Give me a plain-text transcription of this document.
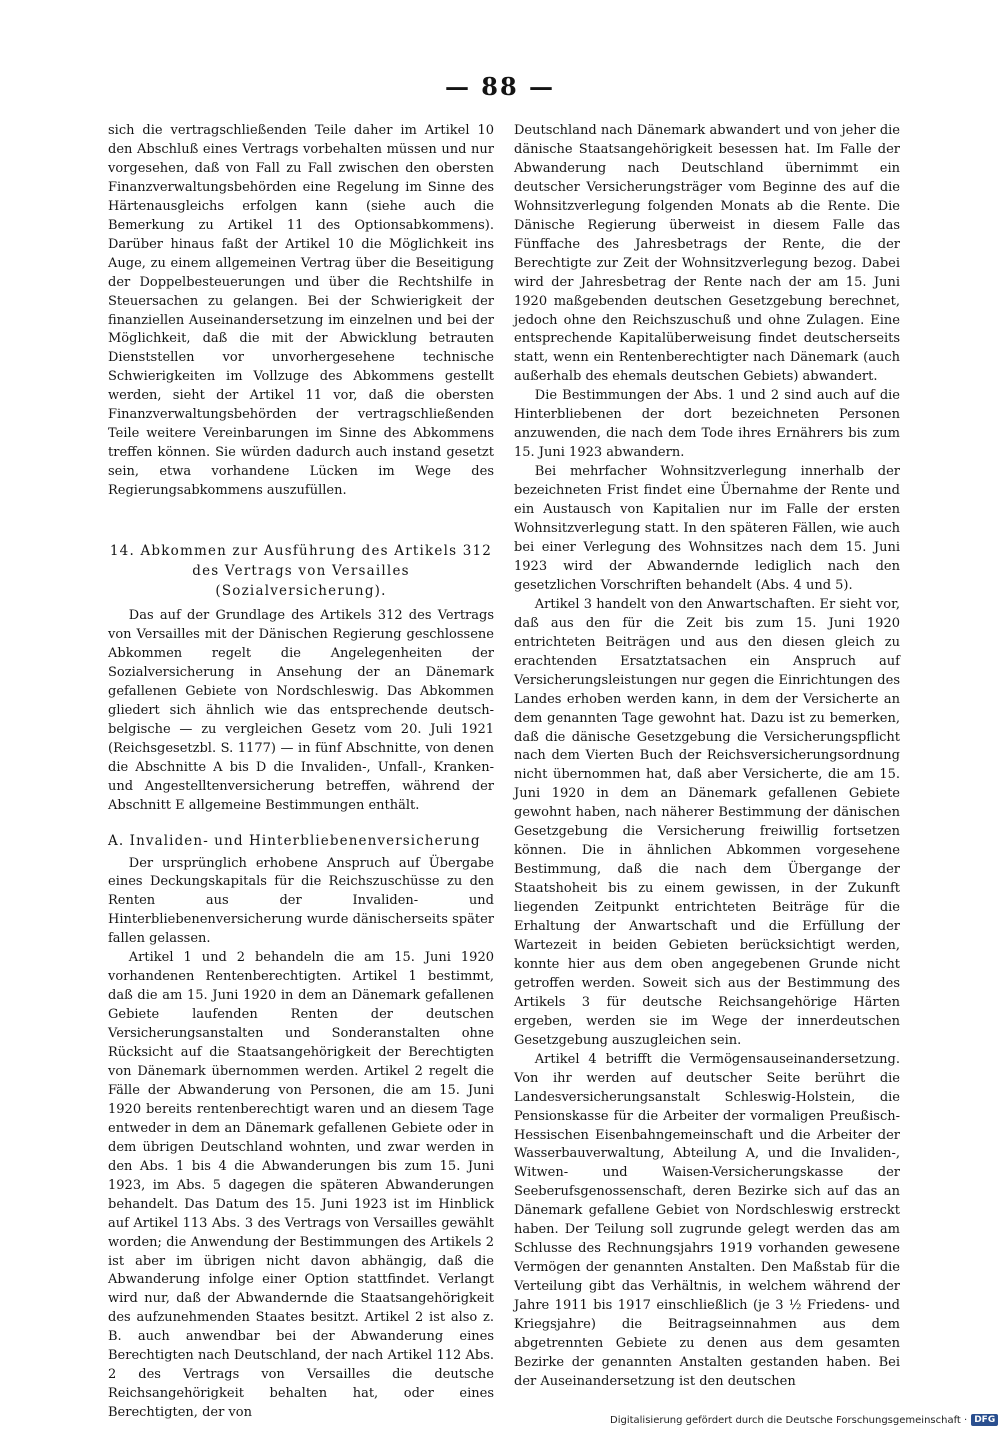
— 88 —

sich die vertragschließenden Teile daher im Artikel 10 den Abschluß eines Vertrags vorbehalten müssen und nur vorgesehen, daß von Fall zu Fall zwischen den obersten Finanzverwaltungsbehörden eine Regelung im Sinne des Härtenausgleichs erfolgen kann (siehe auch die Bemerkung zu Artikel 11 des Optionsabkommens). Darüber hinaus faßt der Artikel 10 die Möglichkeit ins Auge, zu einem allgemeinen Vertrag über die Beseitigung der Doppelbesteuerungen und über die Rechtshilfe in Steuersachen zu gelangen. Bei der Schwierigkeit der finanziellen Auseinandersetzung im einzelnen und bei der Möglichkeit, daß die mit der Abwicklung betrauten Dienststellen vor unvorhergesehene technische Schwierigkeiten im Vollzuge des Abkommens gestellt werden, sieht der Artikel 11 vor, daß die obersten Finanzverwaltungsbehörden der vertragschließenden Teile weitere Vereinbarungen im Sinne des Abkommens treffen können. Sie würden dadurch auch instand gesetzt sein, etwa vorhandene Lücken im Wege des Regierungsabkommens auszufüllen.

14. Abkommen zur Ausführung des Artikels 312
des Vertrags von Versailles
(Sozialversicherung).

Das auf der Grundlage des Artikels 312 des Vertrags von Versailles mit der Dänischen Regierung geschlossene Abkommen regelt die Angelegenheiten der Sozialversicherung in Ansehung der an Dänemark gefallenen Gebiete von Nordschleswig. Das Abkommen gliedert sich ähnlich wie das entsprechende deutsch-belgische — zu vergleichen Gesetz vom 20. Juli 1921 (Reichsgesetzbl. S. 1177) — in fünf Abschnitte, von denen die Abschnitte A bis D die Invaliden-, Unfall-, Kranken- und Angestelltenversicherung betreffen, während der Abschnitt E allgemeine Bestimmungen enthält.

A. Invaliden- und Hinterbliebenenversicherung

Der ursprünglich erhobene Anspruch auf Übergabe eines Deckungskapitals für die Reichszuschüsse zu den Renten aus der Invaliden- und Hinterbliebenenversicherung wurde dänischerseits später fallen gelassen.

Artikel 1 und 2 behandeln die am 15. Juni 1920 vorhandenen Rentenberechtigten. Artikel 1 bestimmt, daß die am 15. Juni 1920 in dem an Dänemark gefallenen Gebiete laufenden Renten der deutschen Versicherungsanstalten und Sonderanstalten ohne Rücksicht auf die Staatsangehörigkeit der Berechtigten von Dänemark übernommen werden. Artikel 2 regelt die Fälle der Abwanderung von Personen, die am 15. Juni 1920 bereits rentenberechtigt waren und an diesem Tage entweder in dem an Dänemark gefallenen Gebiete oder in dem übrigen Deutschland wohnten, und zwar werden in den Abs. 1 bis 4 die Abwanderungen bis zum 15. Juni 1923, im Abs. 5 dagegen die späteren Abwanderungen behandelt. Das Datum des 15. Juni 1923 ist im Hinblick auf Artikel 113 Abs. 3 des Vertrags von Versailles gewählt worden; die Anwendung der Bestimmungen des Artikels 2 ist aber im übrigen nicht davon abhängig, daß die Abwanderung infolge einer Option stattfindet. Verlangt wird nur, daß der Abwandernde die Staatsangehörigkeit des aufzunehmenden Staates besitzt. Artikel 2 ist also z. B. auch anwendbar bei der Abwanderung eines Berechtigten nach Deutschland, der nach Artikel 112 Abs. 2 des Vertrags von Versailles die deutsche Reichsangehörigkeit behalten hat, oder eines Berechtigten, der von

Deutschland nach Dänemark abwandert und von jeher die dänische Staatsangehörigkeit besessen hat. Im Falle der Abwanderung nach Deutschland übernimmt ein deutscher Versicherungsträger vom Beginne des auf die Wohnsitzverlegung folgenden Monats ab die Rente. Die Dänische Regierung überweist in diesem Falle das Fünffache des Jahresbetrags der Rente, die der Berechtigte zur Zeit der Wohnsitzverlegung bezog. Dabei wird der Jahresbetrag der Rente nach der am 15. Juni 1920 maßgebenden deutschen Gesetzgebung berechnet, jedoch ohne den Reichszuschuß und ohne Zulagen. Eine entsprechende Kapitalüberweisung findet deutscherseits statt, wenn ein Rentenberechtigter nach Dänemark (auch außerhalb des ehemals deutschen Gebiets) abwandert.

Die Bestimmungen der Abs. 1 und 2 sind auch auf die Hinterbliebenen der dort bezeichneten Personen anzuwenden, die nach dem Tode ihres Ernährers bis zum 15. Juni 1923 abwandern.

Bei mehrfacher Wohnsitzverlegung innerhalb der bezeichneten Frist findet eine Übernahme der Rente und ein Austausch von Kapitalien nur im Falle der ersten Wohnsitzverlegung statt. In den späteren Fällen, wie auch bei einer Verlegung des Wohnsitzes nach dem 15. Juni 1923 wird der Abwandernde lediglich nach den gesetzlichen Vorschriften behandelt (Abs. 4 und 5).

Artikel 3 handelt von den Anwartschaften. Er sieht vor, daß aus den für die Zeit bis zum 15. Juni 1920 entrichteten Beiträgen und aus den diesen gleich zu erachtenden Ersatztatsachen ein Anspruch auf Versicherungsleistungen nur gegen die Einrichtungen des Landes erhoben werden kann, in dem der Versicherte an dem genannten Tage gewohnt hat. Dazu ist zu bemerken, daß die dänische Gesetzgebung die Versicherungspflicht nach dem Vierten Buch der Reichsversicherungsordnung nicht übernommen hat, daß aber Versicherte, die am 15. Juni 1920 in dem an Dänemark gefallenen Gebiete gewohnt haben, nach näherer Bestimmung der dänischen Gesetzgebung die Versicherung freiwillig fortsetzen können. Die in ähnlichen Abkommen vorgesehene Bestimmung, daß die nach dem Übergange der Staatshoheit bis zu einem gewissen, in der Zukunft liegenden Zeitpunkt entrichteten Beiträge für die Erhaltung der Anwartschaft und die Erfüllung der Wartezeit in beiden Gebieten berücksichtigt werden, konnte hier aus dem oben angegebenen Grunde nicht getroffen werden. Soweit sich aus der Bestimmung des Artikels 3 für deutsche Reichsangehörige Härten ergeben, werden sie im Wege der innerdeutschen Gesetzgebung auszugleichen sein.

Artikel 4 betrifft die Vermögensauseinandersetzung. Von ihr werden auf deutscher Seite berührt die Landesversicherungsanstalt Schleswig-Holstein, die Pensionskasse für die Arbeiter der vormaligen Preußisch-Hessischen Eisenbahngemeinschaft und die Arbeiter der Wasserbauverwaltung, Abteilung A, und die Invaliden-, Witwen- und Waisen-Versicherungskasse der Seeberufsgenossenschaft, deren Bezirke sich auf das an Dänemark gefallene Gebiet von Nordschleswig erstreckt haben. Der Teilung soll zugrunde gelegt werden das am Schlusse des Rechnungsjahrs 1919 vorhanden gewesene Vermögen der genannten Anstalten. Den Maßstab für die Verteilung gibt das Verhältnis, in welchem während der Jahre 1911 bis 1917 einschließlich (je 3 ½ Friedens- und Kriegsjahre) die Beitragseinnahmen aus dem abgetrennten Gebiete zu denen aus dem gesamten Bezirke der genannten Anstalten gestanden haben. Bei der Auseinandersetzung ist den deutschen

Digitalisierung gefördert durch die Deutsche Forschungsgemeinschaft · DFG
